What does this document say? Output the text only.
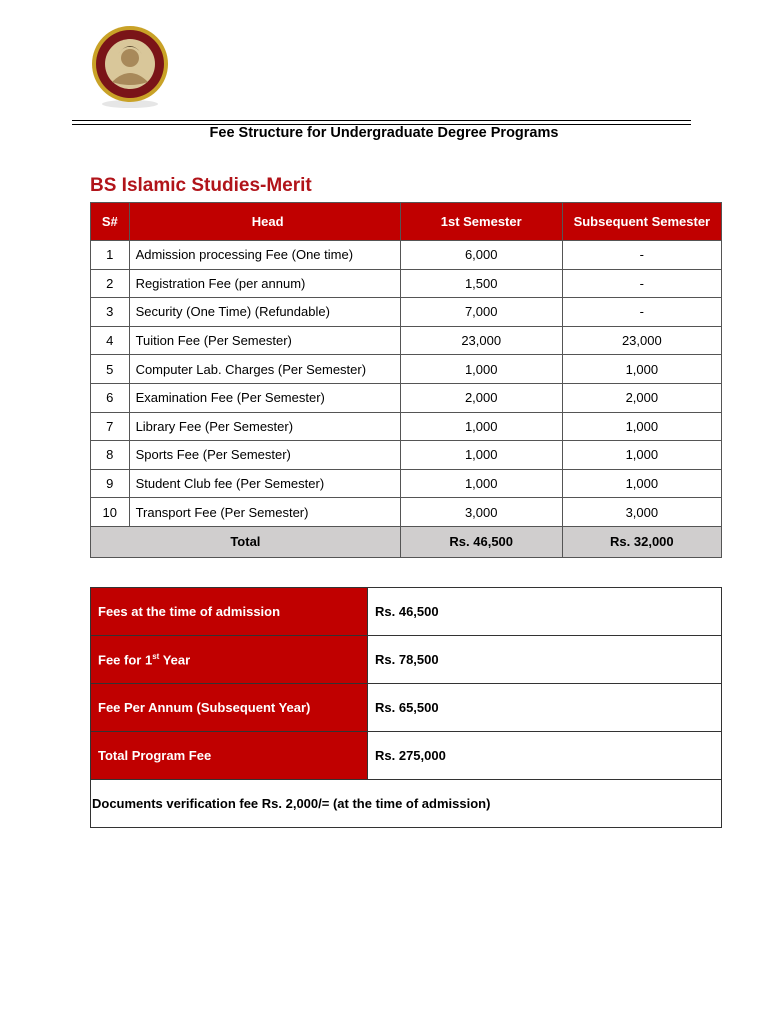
Fee Structure for Undergraduate Degree Programs
BS Islamic Studies-Merit
S#	Head	1st Semester	Subsequent Semester
1	Admission processing Fee (One time)	6,000	-
2	Registration Fee (per annum)	1,500	-
3	Security (One Time) (Refundable)	7,000	-
4	Tuition Fee (Per Semester)	23,000	23,000
5	Computer Lab. Charges (Per Semester)	1,000	1,000
6	Examination Fee (Per Semester)	2,000	2,000
7	Library Fee (Per Semester)	1,000	1,000
8	Sports Fee (Per Semester)	1,000	1,000
9	Student Club fee (Per Semester)	1,000	1,000
10	Transport Fee (Per Semester)	3,000	3,000
Total		Rs. 46,500	Rs. 32,000
Fees at the time of admission	Rs. 46,500
Fee for 1st Year	Rs. 78,500
Fee Per Annum (Subsequent Year)	Rs. 65,500
Total Program Fee	Rs. 275,000
Documents verification fee Rs. 2,000/= (at the time of admission)	
